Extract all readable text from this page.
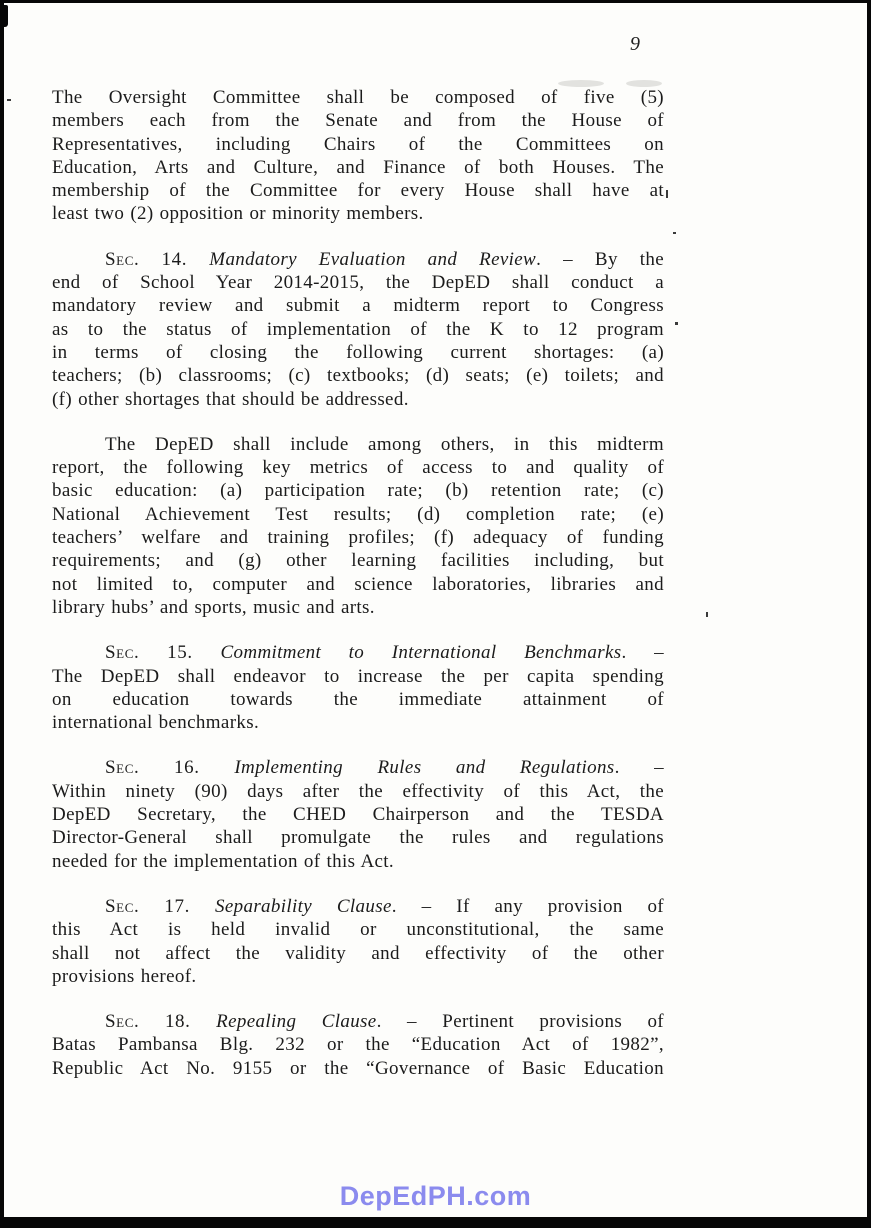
9
The Oversight Committee shall be composed of five (5)
members each from the Senate and from the House of
Representatives, including Chairs of the Committees on
Education, Arts and Culture, and Finance of both Houses. The
membership of the Committee for every House shall have at
least two (2) opposition or minority members.
Sec. 14. Mandatory Evaluation and Review. – By the
end of School Year 2014-2015, the DepED shall conduct a
mandatory review and submit a midterm report to Congress
as to the status of implementation of the K to 12 program
in terms of closing the following current shortages: (a)
teachers; (b) classrooms; (c) textbooks; (d) seats; (e) toilets; and
(f) other shortages that should be addressed.
The DepED shall include among others, in this midterm
report, the following key metrics of access to and quality of
basic education: (a) participation rate; (b) retention rate; (c)
National Achievement Test results; (d) completion rate; (e)
teachers’ welfare and training profiles; (f) adequacy of funding
requirements; and (g) other learning facilities including, but
not limited to, computer and science laboratories, libraries and
library hubs’ and sports, music and arts.
Sec. 15. Commitment to International Benchmarks. –
The DepED shall endeavor to increase the per capita spending
on education towards the immediate attainment of
international benchmarks.
Sec. 16. Implementing Rules and Regulations. –
Within ninety (90) days after the effectivity of this Act, the
DepED Secretary, the CHED Chairperson and the TESDA
Director-General shall promulgate the rules and regulations
needed for the implementation of this Act.
Sec. 17. Separability Clause. – If any provision of
this Act is held invalid or unconstitutional, the same
shall not affect the validity and effectivity of the other
provisions hereof.
Sec. 18. Repealing Clause. – Pertinent provisions of
Batas Pambansa Blg. 232 or the “Education Act of 1982”,
Republic Act No. 9155 or the “Governance of Basic Education
DepEdPH.com
